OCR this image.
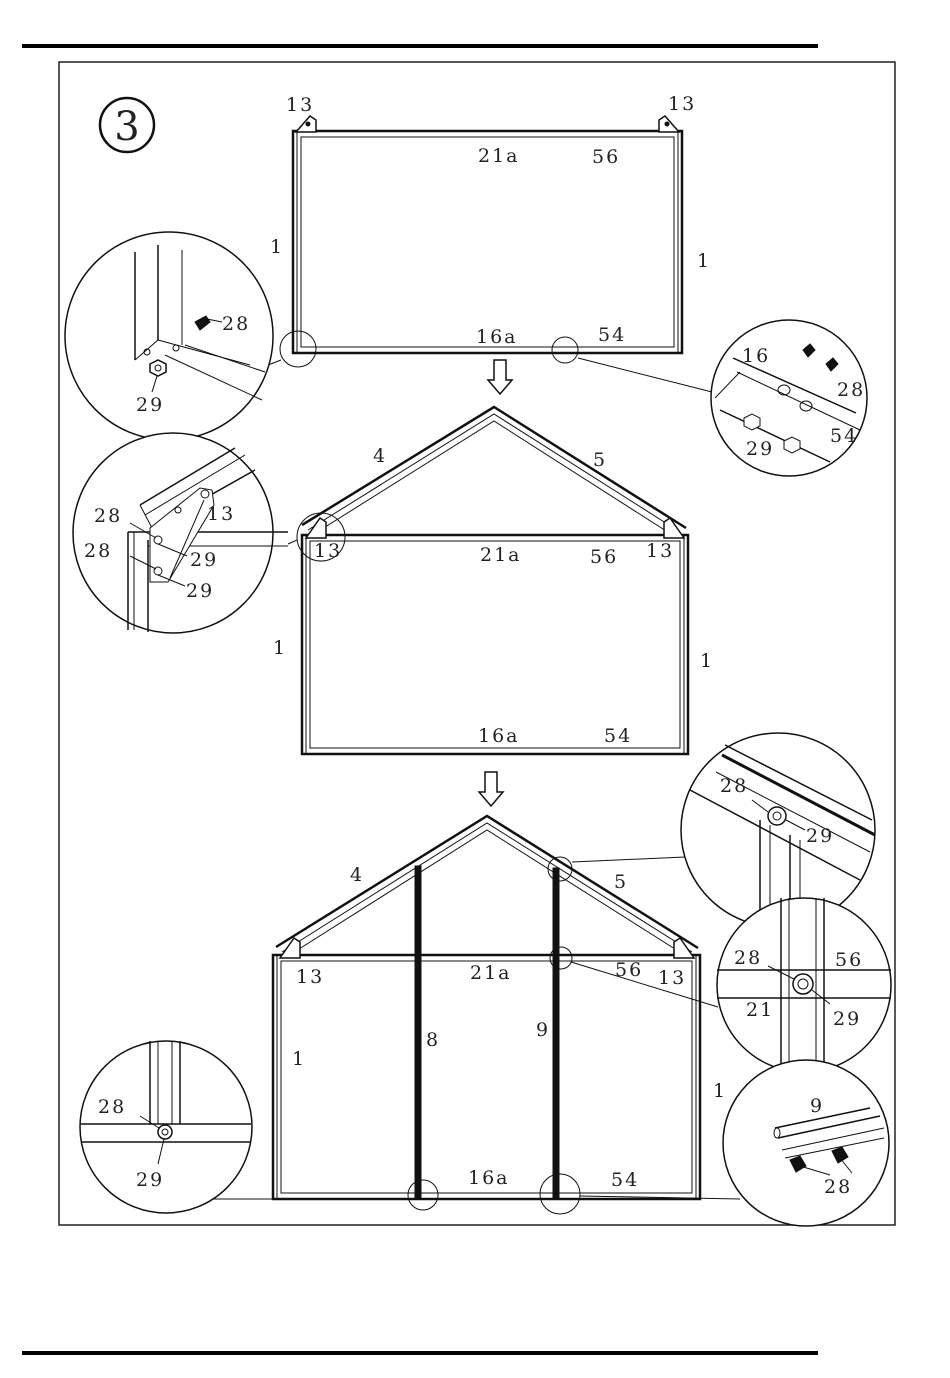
3	13	13
21a	56
1
1
16a	54
28
29
16
28
29
54
4	5
13	13
21a	56
1
1
16a	54
28	13
29
28
29
4	5
13	13
21a	56
1
1
8	9
16a	54
28
29
28	56
21	29
28
29
9
28
